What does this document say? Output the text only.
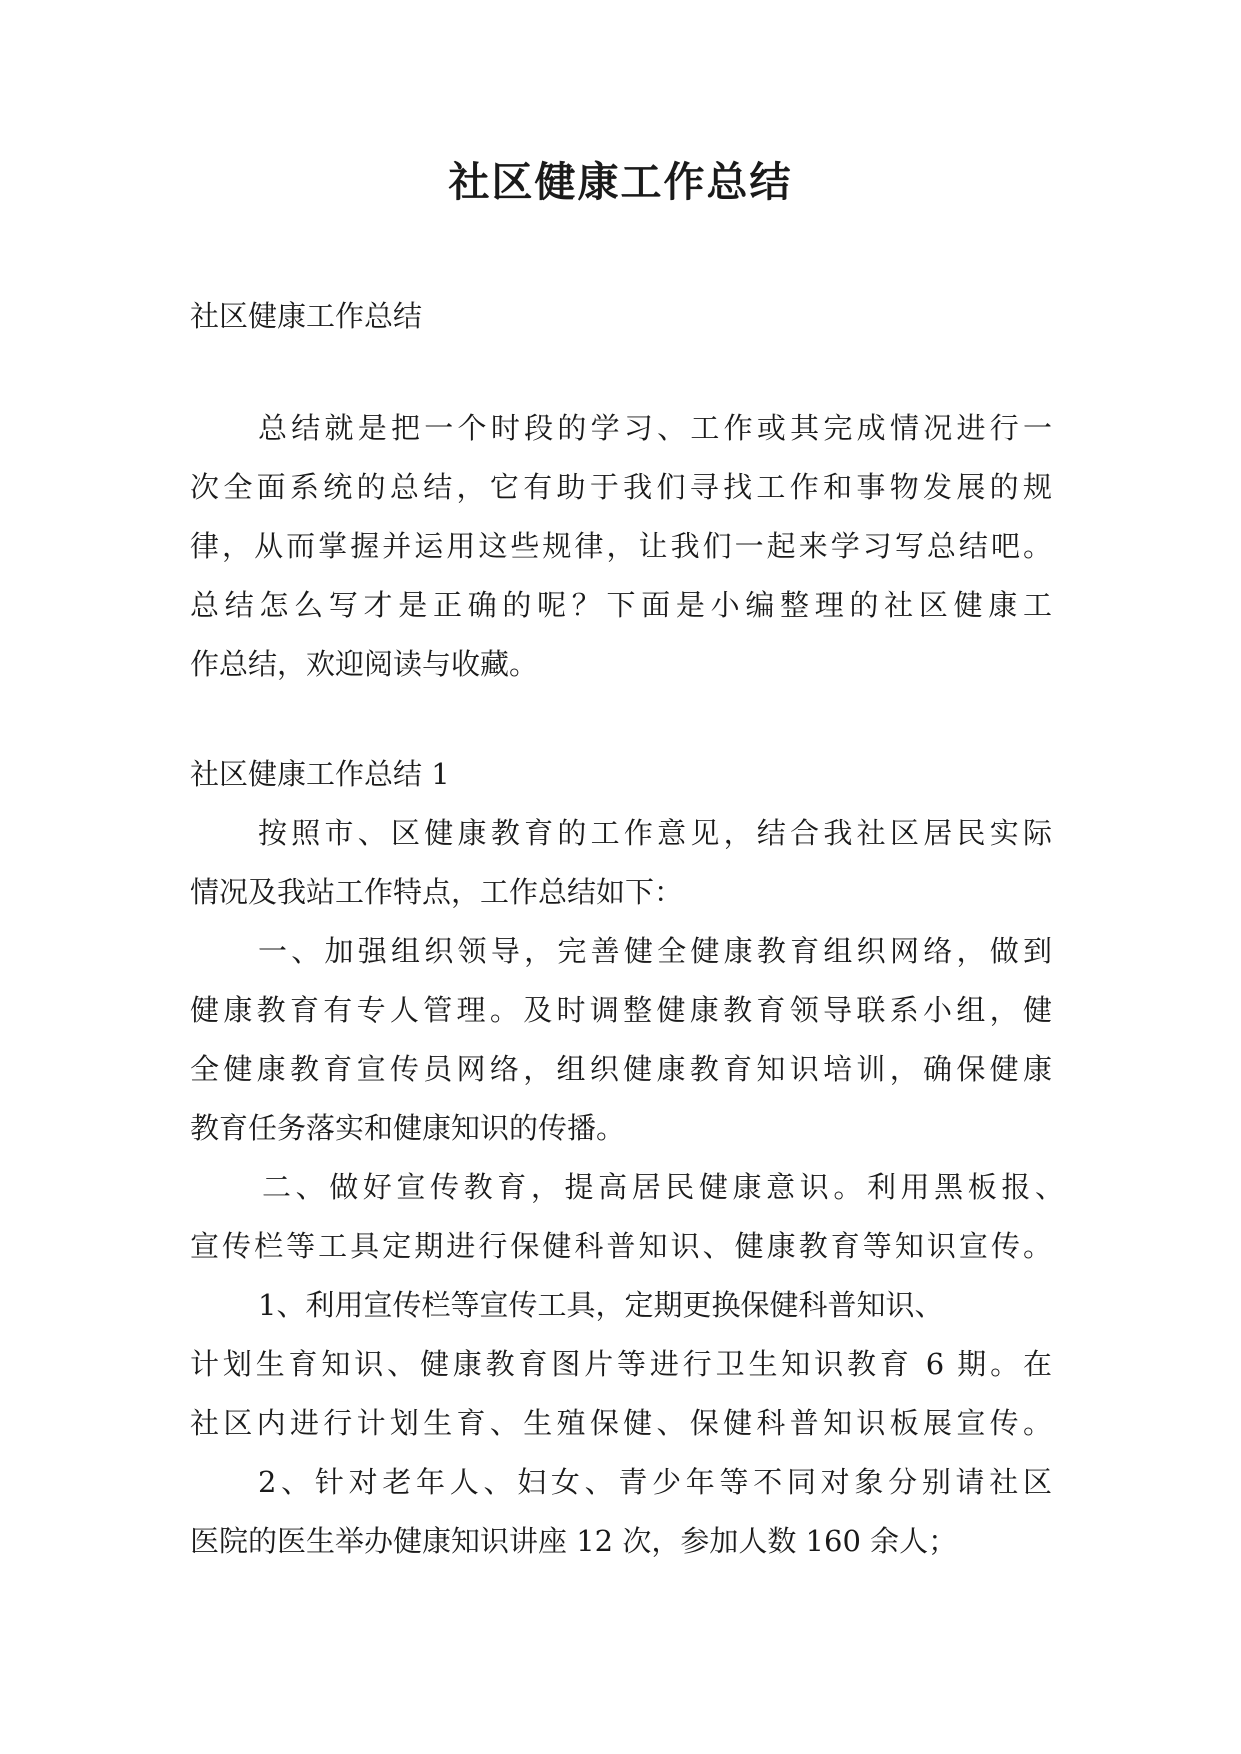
社区健康工作总结
社区健康工作总结
总结就是把一个时段的学习、工作或其完成情况进行一
次全面系统的总结，它有助于我们寻找工作和事物发展的规
律，从而掌握并运用这些规律，让我们一起来学习写总结吧。
总结怎么写才是正确的呢？下面是小编整理的社区健康工
作总结，欢迎阅读与收藏。
社区健康工作总结 1
按照市、区健康教育的工作意见，结合我社区居民实际
情况及我站工作特点，工作总结如下：
一、加强组织领导，完善健全健康教育组织网络，做到
健康教育有专人管理。及时调整健康教育领导联系小组，健
全健康教育宣传员网络，组织健康教育知识培训，确保健康
教育任务落实和健康知识的传播。
二、做好宣传教育，提高居民健康意识。利用黑板报、
宣传栏等工具定期进行保健科普知识、健康教育等知识宣传。
1、利用宣传栏等宣传工具，定期更换保健科普知识、
计划生育知识、健康教育图片等进行卫生知识教育 6 期。在
社区内进行计划生育、生殖保健、保健科普知识板展宣传。
2、针对老年人、妇女、青少年等不同对象分别请社区
医院的医生举办健康知识讲座 12 次，参加人数 160 余人；
